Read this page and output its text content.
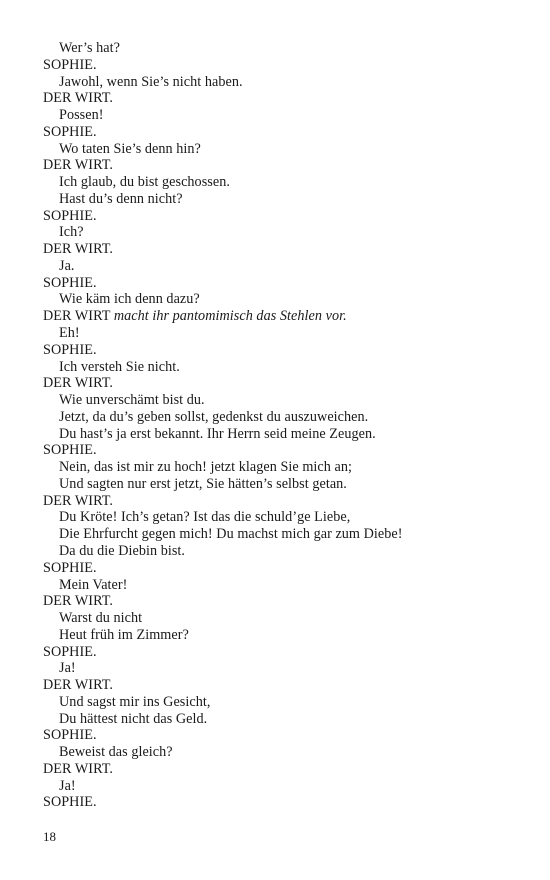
Wer’s hat?
SOPHIE.
Jawohl, wenn Sie’s nicht haben.
DER WIRT.
Possen!
SOPHIE.
Wo taten Sie’s denn hin?
DER WIRT.
Ich glaub, du bist geschossen.
Hast du’s denn nicht?
SOPHIE.
Ich?
DER WIRT.
Ja.
SOPHIE.
Wie käm ich denn dazu?
DER WIRT macht ihr pantomimisch das Stehlen vor.
Eh!
SOPHIE.
Ich versteh Sie nicht.
DER WIRT.
Wie unverschämt bist du.
Jetzt, da du’s geben sollst, gedenkst du auszuweichen.
Du hast’s ja erst bekannt. Ihr Herrn seid meine Zeugen.
SOPHIE.
Nein, das ist mir zu hoch! jetzt klagen Sie mich an;
Und sagten nur erst jetzt, Sie hätten’s selbst getan.
DER WIRT.
Du Kröte! Ich’s getan? Ist das die schuld’ge Liebe,
Die Ehrfurcht gegen mich! Du machst mich gar zum Diebe!
Da du die Diebin bist.
SOPHIE.
Mein Vater!
DER WIRT.
Warst du nicht
Heut früh im Zimmer?
SOPHIE.
Ja!
DER WIRT.
Und sagst mir ins Gesicht,
Du hättest nicht das Geld.
SOPHIE.
Beweist das gleich?
DER WIRT.
Ja!
SOPHIE.
18
